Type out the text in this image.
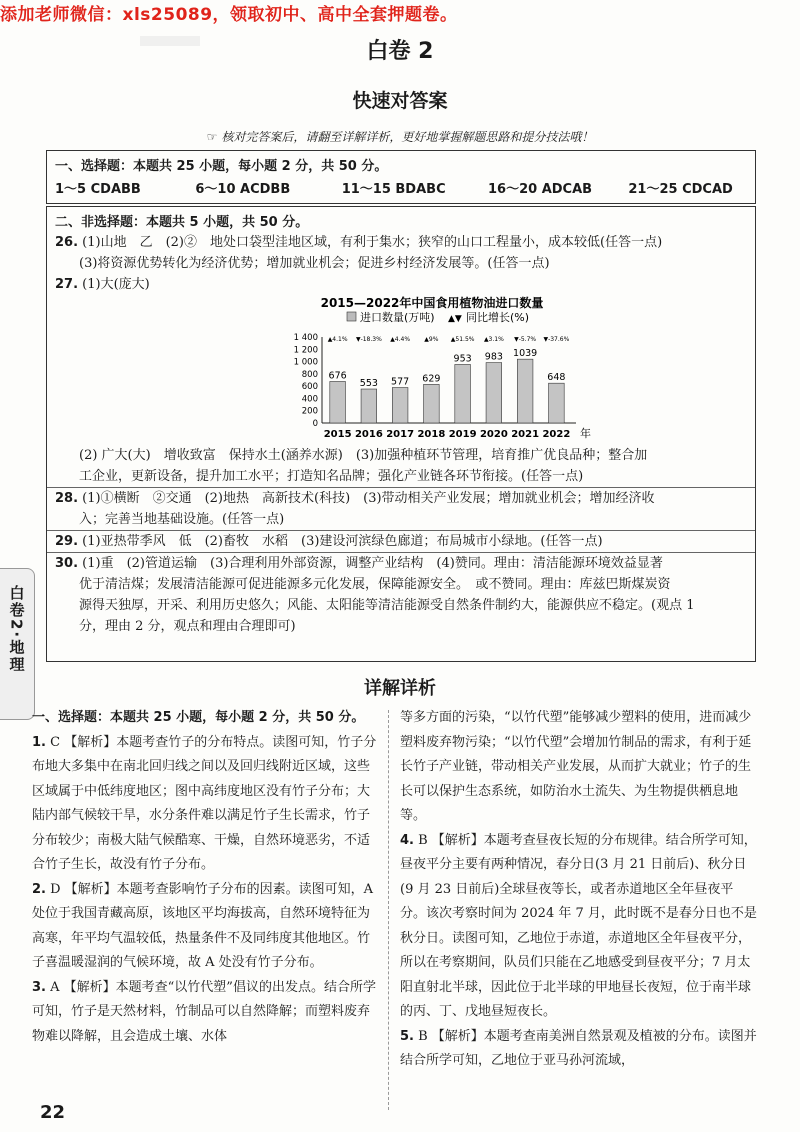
添加老师微信：xls25089，领取初中、高中全套押题卷。
白卷 2
快速对答案
☞ 核对完答案后，请翻至详解详析，更好地掌握解题思路和提分技法哦！
一、选择题：本题共 25 小题，每小题 2 分，共 50 分。
1～5 CDABB	6～10 ACDBB	11～15 BDABC	16～20 ADCAB	21～25 CDCAD
二、非选择题：本题共 5 小题，共 50 分。
26. (1)山地　乙　(2)②　地处口袋型洼地区域，有利于集水；狭窄的山口工程量小，成本较低(任答一点)
(3)将资源优势转化为经济优势；增加就业机会；促进乡村经济发展等。(任答一点)
27. (1)大(庞大)
2015—2022年中国食用植物油进口数量
进口数量(万吨) ▲▼ 同比增长(%)
1 400
1 200
1 000
800
600
400
200
0
676
2015
▲4.1%
553
2016
▼-18.3%
577
2017
▲4.4%
629
2018
▲9%
953
2019
▲51.5%
983
2020
▲3.1%
1039
2021
▼-5.7%
648
2022
▼-37.6%
年
(2) 广大(大)　增收致富　保持水土(涵养水源)　(3)加强种植环节管理，培育推广优良品种；整合加
工企业，更新设备，提升加工水平；打造知名品牌；强化产业链各环节衔接。(任答一点)
28. (1)①横断　②交通　(2)地热　高新技术(科技)　(3)带动相关产业发展；增加就业机会；增加经济收
入；完善当地基础设施。(任答一点)
29. (1)亚热带季风　低　(2)畜牧　水稻　(3)建设河滨绿色廊道；布局城市小绿地。(任答一点)
30. (1)重　(2)管道运输　(3)合理利用外部资源，调整产业结构　(4)赞同。理由：清洁能源环境效益显著
优于清洁煤；发展清洁能源可促进能源多元化发展，保障能源安全。　或不赞同。理由：库兹巴斯煤炭资
源得天独厚，开采、利用历史悠久；风能、太阳能等清洁能源受自然条件制约大，能源供应不稳定。(观点 1
分，理由 2 分，观点和理由合理即可)
白卷2·地理
详解详析

一、选择题：本题共 25 小题，每小题 2 分，共 50 分。

1. C 【解析】本题考查竹子的分布特点。读图可知，竹子分布地大多集中在南北回归线之间以及回归线附近区域，这些区域属于中低纬度地区；图中高纬度地区没有竹子分布；大陆内部气候较干旱，水分条件难以满足竹子生长需求，竹子分布较少；南极大陆气候酷寒、干燥，自然环境恶劣，不适合竹子生长，故没有竹子分布。

2. D 【解析】本题考查影响竹子分布的因素。读图可知，A 处位于我国青藏高原，该地区平均海拔高，自然环境特征为高寒，年平均气温较低，热量条件不及同纬度其他地区。竹子喜温暖湿润的气候环境，故 A 处没有竹子分布。

3. A 【解析】本题考查“以竹代塑”倡议的出发点。结合所学可知，竹子是天然材料，竹制品可以自然降解；而塑料废弃物难以降解，且会造成土壤、水体

等多方面的污染，“以竹代塑”能够减少塑料的使用，进而减少塑料废弃物污染；“以竹代塑”会增加竹制品的需求，有利于延长竹子产业链，带动相关产业发展，从而扩大就业；竹子的生长可以保护生态系统，如防治水土流失、为生物提供栖息地等。

4. B 【解析】本题考查昼夜长短的分布规律。结合所学可知，昼夜平分主要有两种情况，春分日(3 月 21 日前后)、秋分日(9 月 23 日前后)全球昼夜等长，或者赤道地区全年昼夜平分。该次考察时间为 2024 年 7 月，此时既不是春分日也不是秋分日。读图可知，乙地位于赤道，赤道地区全年昼夜平分，所以在考察期间，队员们只能在乙地感受到昼夜平分；7 月太阳直射北半球，因此位于北半球的甲地昼长夜短，位于南半球的丙、丁、戊地昼短夜长。

5. B 【解析】本题考查南美洲自然景观及植被的分布。读图并结合所学可知，乙地位于亚马孙河流域，

22
